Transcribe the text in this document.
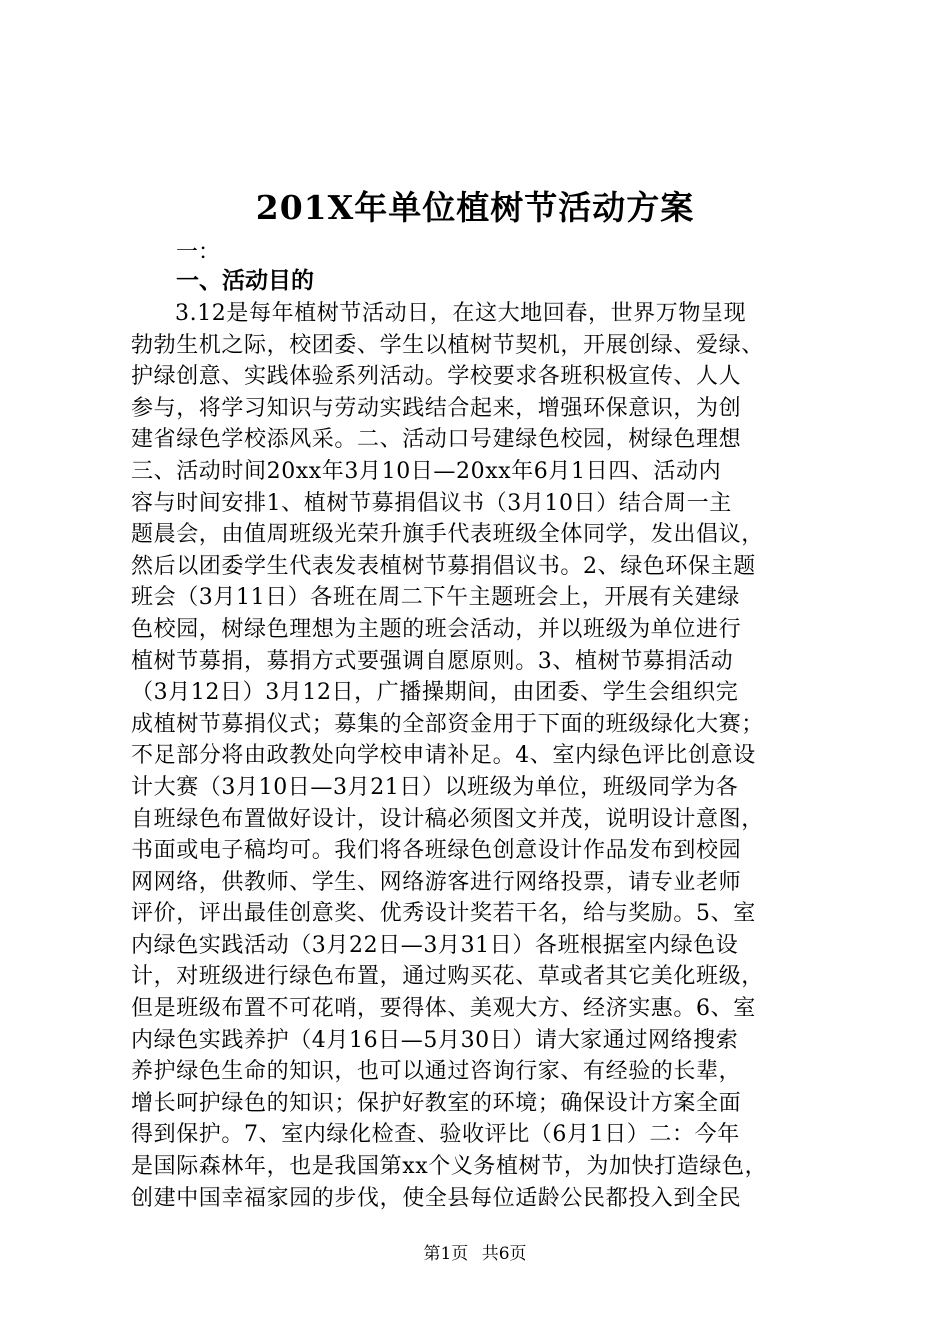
201X年单位植树节活动方案
一：
一、活动目的
3.12是每年植树节活动日，在这大地回春，世界万物呈现
勃勃生机之际，校团委、学生以植树节契机，开展创绿、爱绿、
护绿创意、实践体验系列活动。学校要求各班积极宣传、人人
参与，将学习知识与劳动实践结合起来，增强环保意识，为创
建省绿色学校添风采。二、活动口号建绿色校园，树绿色理想
三、活动时间20xx年3月10日—20xx年6月1日四、活动内
容与时间安排1、植树节募捐倡议书（3月10日）结合周一主
题晨会，由值周班级光荣升旗手代表班级全体同学，发出倡议，
然后以团委学生代表发表植树节募捐倡议书。2、绿色环保主题
班会（3月11日）各班在周二下午主题班会上，开展有关建绿
色校园，树绿色理想为主题的班会活动，并以班级为单位进行
植树节募捐，募捐方式要强调自愿原则。3、植树节募捐活动
（3月12日）3月12日，广播操期间，由团委、学生会组织完
成植树节募捐仪式；募集的全部资金用于下面的班级绿化大赛；
不足部分将由政教处向学校申请补足。4、室内绿色评比创意设
计大赛（3月10日—3月21日）以班级为单位，班级同学为各
自班绿色布置做好设计，设计稿必须图文并茂，说明设计意图，
书面或电子稿均可。我们将各班绿色创意设计作品发布到校园
网网络，供教师、学生、网络游客进行网络投票，请专业老师
评价，评出最佳创意奖、优秀设计奖若干名，给与奖励。5、室
内绿色实践活动（3月22日—3月31日）各班根据室内绿色设
计，对班级进行绿色布置，通过购买花、草或者其它美化班级，
但是班级布置不可花哨，要得体、美观大方、经济实惠。6、室
内绿色实践养护（4月16日—5月30日）请大家通过网络搜索
养护绿色生命的知识，也可以通过咨询行家、有经验的长辈，
增长呵护绿色的知识；保护好教室的环境；确保设计方案全面
得到保护。7、室内绿化检查、验收评比（6月1日）二：今年
是国际森林年，也是我国第xx个义务植树节，为加快打造绿色，
创建中国幸福家园的步伐，使全县每位适龄公民都投入到全民
第1页 共6页
